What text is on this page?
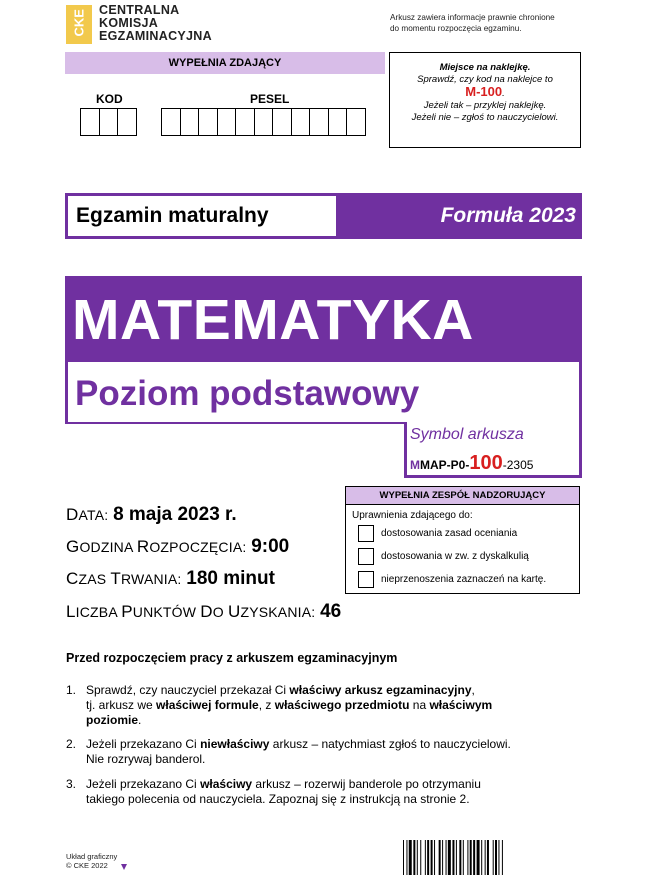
CKE CENTRALNA
KOMISJA
EGZAMINACYJNA
Arkusz zawiera informacje prawnie chronione
do momentu rozpoczęcia egzaminu.
WYPEŁNIA ZDAJĄCY
KOD	PESEL
Miejsce na naklejkę.
Sprawdź, czy kod na naklejce to
M-100.
Jeżeli tak – przyklej naklejkę.
Jeżeli nie – zgłoś to nauczycielowi.
Egzamin maturalny	Formuła 2023
MATEMATYKA
Poziom podstawowy
Symbol arkusza
MMAP-P0-100-2305
DATA: 8 maja 2023 r.
GODZINA ROZPOCZĘCIA: 9:00
CZAS TRWANIA: 180 minut
LICZBA PUNKTÓW DO UZYSKANIA: 46
WYPEŁNIA ZESPÓŁ NADZORUJĄCY
Uprawnienia zdającego do:
dostosowania zasad oceniania
dostosowania w zw. z dyskalkulią
nieprzenoszenia zaznaczeń na kartę.
Przed rozpoczęciem pracy z arkuszem egzaminacyjnym
1. Sprawdź, czy nauczyciel przekazał Ci właściwy arkusz egzaminacyjny,
tj. arkusz we właściwej formule, z właściwego przedmiotu na właściwym
poziomie.
2. Jeżeli przekazano Ci niewłaściwy arkusz – natychmiast zgłoś to nauczycielowi.
Nie rozrywaj banderol.
3. Jeżeli przekazano Ci właściwy arkusz – rozerwij banderole po otrzymaniu
takiego polecenia od nauczyciela. Zapoznaj się z instrukcją na stronie 2.
Układ graficzny
© CKE 2022
